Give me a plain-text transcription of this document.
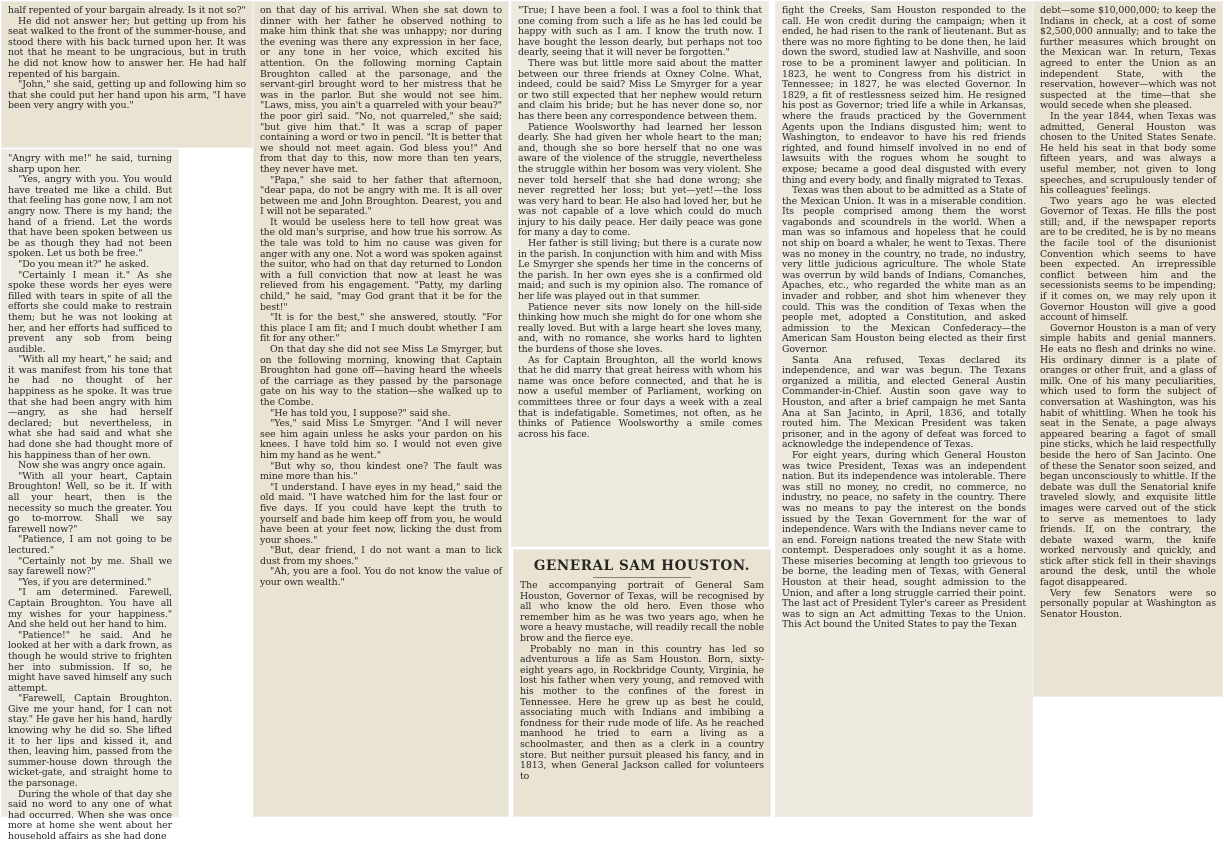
half repented of your bargain already. Is it not so?"

He did not answer her; but getting up from his seat walked to the front of the summer-house, and stood there with his back turned upon her. It was not that he meant to be ungracious, but in truth he did not know how to answer her. He had half repented of his bargain.

"John," she said, getting up and following him so that she could put her hand upon his arm, "I have been very angry with you."

"Angry with me!" he said, turning sharp upon her.

"Yes, angry with you. You would have treated me like a child. But that feeling has gone now, I am not angry now. There is my hand; the hand of a friend. Let the words that have been spoken between us be as though they had not been spoken. Let us both be free."

"Do you mean it?" he asked.

"Certainly I mean it." As she spoke these words her eyes were filled with tears in spite of all the efforts she could make to restrain them; but he was not looking at her, and her efforts had sufficed to prevent any sob from being audible.

"With all my heart," he said; and it was manifest from his tone that he had no thought of her happiness as he spoke. It was true that she had been angry with him—angry, as she had herself declared; but nevertheless, in what she had said and what she had done she had thought more of his happiness than of her own.

Now she was angry once again.

"With all your heart, Captain Broughton! Well, so be it. If with all your heart, then is the necessity so much the greater. You go to-morrow. Shall we say farewell now?"

"Patience, I am not going to be lectured."

"Certainly not by me. Shall we say farewell now?"

"Yes, if you are determined."

"I am determined. Farewell, Captain Broughton. You have all my wishes for your happiness." And she held out her hand to him.

"Patience!" he said. And he looked at her with a dark frown, as though he would strive to frighten her into submission. If so, he might have saved himself any such attempt.

"Farewell, Captain Broughton. Give me your hand, for I can not stay." He gave her his hand, hardly knowing why he did so. She lifted it to her lips and kissed it, and then, leaving him, passed from the summer-house down through the wicket-gate, and straight home to the parsonage.

During the whole of that day she said no word to any one of what had occurred. When she was once more at home she went about her household affairs as she had done

on that day of his arrival. When she sat down to dinner with her father he observed nothing to make him think that she was unhappy; nor during the evening was there any expression in her face, or any tone in her voice, which excited his attention. On the following morning Captain Broughton called at the parsonage, and the servant-girl brought word to her mistress that he was in the parlor. But she would not see him. "Laws, miss, you ain't a quarreled with your beau?" the poor girl said. "No, not quarreled," she said; "but give him that." It was a scrap of paper containing a word or two in pencil. "It is better that we should not meet again. God bless you!" And from that day to this, now more than ten years, they never have met.

"Papa," she said to her father that afternoon, "dear papa, do not be angry with me. It is all over between me and John Broughton. Dearest, you and I will not be separated."

It would be useless here to tell how great was the old man's surprise, and how true his sorrow. As the tale was told to him no cause was given for anger with any one. Not a word was spoken against the suitor, who had on that day returned to London with a full conviction that now at least he was relieved from his engagement. "Patty, my darling child," he said, "may God grant that it be for the best!"

"It is for the best," she answered, stoutly. "For this place I am fit; and I much doubt whether I am fit for any other."

On that day she did not see Miss Le Smyrger, but on the following morning, knowing that Captain Broughton had gone off—having heard the wheels of the carriage as they passed by the parsonage gate on his way to the station—she walked up to the Combe.

"He has told you, I suppose?" said she.

"Yes," said Miss Le Smyrger. "And I will never see him again unless he asks your pardon on his knees. I have told him so. I would not even give him my hand as he went."

"But why so, thou kindest one? The fault was mine more than his."

"I understand. I have eyes in my head," said the old maid. "I have watched him for the last four or five days. If you could have kept the truth to yourself and bade him keep off from you, he would have been at your feet now, licking the dust from your shoes."

"But, dear friend, I do not want a man to lick dust from my shoes."

"Ah, you are a fool. You do not know the value of your own wealth."

"True; I have been a fool. I was a fool to think that one coming from such a life as he has led could be happy with such as I am. I know the truth now. I have bought the lesson dearly, but perhaps not too dearly, seeing that it will never be forgotten."

There was but little more said about the matter between our three friends at Oxney Colne. What, indeed, could be said? Miss Le Smyrger for a year or two still expected that her nephew would return and claim his bride; but he has never done so, nor has there been any correspondence between them.

Patience Woolsworthy had learned her lesson dearly. She had given her whole heart to the man; and, though she so bore herself that no one was aware of the violence of the struggle, nevertheless the struggle within her bosom was very violent. She never told herself that she had done wrong; she never regretted her loss; but yet—yet!—the loss was very hard to bear. He also had loved her, but he was not capable of a love which could do much injury to his daily peace. Her daily peace was gone for many a day to come.

Her father is still living; but there is a curate now in the parish. In conjunction with him and with Miss Le Smyrger she spends her time in the concerns of the parish. In her own eyes she is a confirmed old maid; and such is my opinion also. The romance of her life was played out in that summer.

Patience never sits now lonely on the hill-side thinking how much she might do for one whom she really loved. But with a large heart she loves many, and, with no romance, she works hard to lighten the burdens of those she loves.

As for Captain Broughton, all the world knows that he did marry that great heiress with whom his name was once before connected, and that he is now a useful member of Parliament, working on committees three or four days a week with a zeal that is indefatigable. Sometimes, not often, as he thinks of Patience Woolsworthy a smile comes across his face.

GENERAL SAM HOUSTON.

The accompanying portrait of General Sam Houston, Governor of Texas, will be recognised by all who know the old hero. Even those who remember him as he was two years ago, when he wore a heavy mustache, will readily recall the noble brow and the fierce eye.

Probably no man in this country has led so adventurous a life as Sam Houston. Born, sixty-eight years ago, in Rockbridge County, Virginia, he lost his father when very young, and removed with his mother to the confines of the forest in Tennessee. Here he grew up as best he could, associating much with Indians and imbibing a fondness for their rude mode of life. As he reached manhood he tried to earn a living as a schoolmaster, and then as a clerk in a country store. But neither pursuit pleased his fancy, and in 1813, when General Jackson called for volunteers to

fight the Creeks, Sam Houston responded to the call. He won credit during the campaign; when it ended, he had risen to the rank of lieutenant. But as there was no more fighting to be done then, he laid down the sword, studied law at Nashville, and soon rose to be a prominent lawyer and politician. In 1823, he went to Congress from his district in Tennessee; in 1827, he was elected Governor. In 1829, a fit of restlessness seized him. He resigned his post as Governor; tried life a while in Arkansas, where the frauds practiced by the Government Agents upon the Indians disgusted him; went to Washington, to endeavor to have his red friends righted, and found himself involved in no end of lawsuits with the rogues whom he sought to expose; became a good deal disgusted with every thing and every body, and finally migrated to Texas.

Texas was then about to be admitted as a State of the Mexican Union. It was in a miserable condition. Its people comprised among them the worst vagabonds and scoundrels in the world. When a man was so infamous and hopeless that he could not ship on board a whaler, he went to Texas. There was no money in the country, no trade, no industry, very little judicious agriculture. The whole State was overrun by wild bands of Indians, Comanches, Apaches, etc., who regarded the white man as an invader and robber, and shot him whenever they could. This was the condition of Texas when the people met, adopted a Constitution, and asked admission to the Mexican Confederacy—the American Sam Houston being elected as their first Governor.

Santa Ana refused, Texas declared its independence, and war was begun. The Texans organized a militia, and elected General Austin Commander-in-Chief. Austin soon gave way to Houston, and after a brief campaign he met Santa Ana at San Jacinto, in April, 1836, and totally routed him. The Mexican President was taken prisoner, and in the agony of defeat was forced to acknowledge the independence of Texas.

For eight years, during which General Houston was twice President, Texas was an independent nation. But its independence was intolerable. There was still no money, no credit, no commerce, no industry, no peace, no safety in the country. There was no means to pay the interest on the bonds issued by the Texan Government for the war of independence. Wars with the Indians never came to an end. Foreign nations treated the new State with contempt. Desperadoes only sought it as a home. These miseries becoming at length too grievous to be borne, the leading men of Texas, with General Houston at their head, sought admission to the Union, and after a long struggle carried their point. The last act of President Tyler's career as President was to sign an Act admitting Texas to the Union. This Act bound the United States to pay the Texan

debt—some $10,000,000; to keep the Indians in check, at a cost of some $2,500,000 annually; and to take the further measures which brought on the Mexican war. In return, Texas agreed to enter the Union as an independent State, with the reservation, however—which was not suspected at the time—that she would secede when she pleased.

In the year 1844, when Texas was admitted, General Houston was chosen to the United States Senate. He held his seat in that body some fifteen years, and was always a useful member, not given to long speeches, and scrupulously tender of his colleagues' feelings.

Two years ago he was elected Governor of Texas. He fills the post still; and, if the newspaper reports are to be credited, he is by no means the facile tool of the disunionist Convention which seems to have been expected. An irrepressible conflict between him and the secessionists seems to be impending; if it comes on, we may rely upon it Governor Houston will give a good account of himself.

Governor Houston is a man of very simple habits and genial manners. He eats no flesh and drinks no wine. His ordinary dinner is a plate of oranges or other fruit, and a glass of milk. One of his many peculiarities, which used to form the subject of conversation at Washington, was his habit of whittling. When he took his seat in the Senate, a page always appeared bearing a fagot of small pine sticks, which he laid respectfully beside the hero of San Jacinto. One of these the Senator soon seized, and began unconsciously to whittle. If the debate was dull the Senatorial knife traveled slowly, and exquisite little images were carved out of the stick to serve as mementoes to lady friends. If, on the contrary, the debate waxed warm, the knife worked nervously and quickly, and stick after stick fell in their shavings around the desk, until the whole fagot disappeared.

Very few Senators were so personally popular at Washington as Senator Houston.
